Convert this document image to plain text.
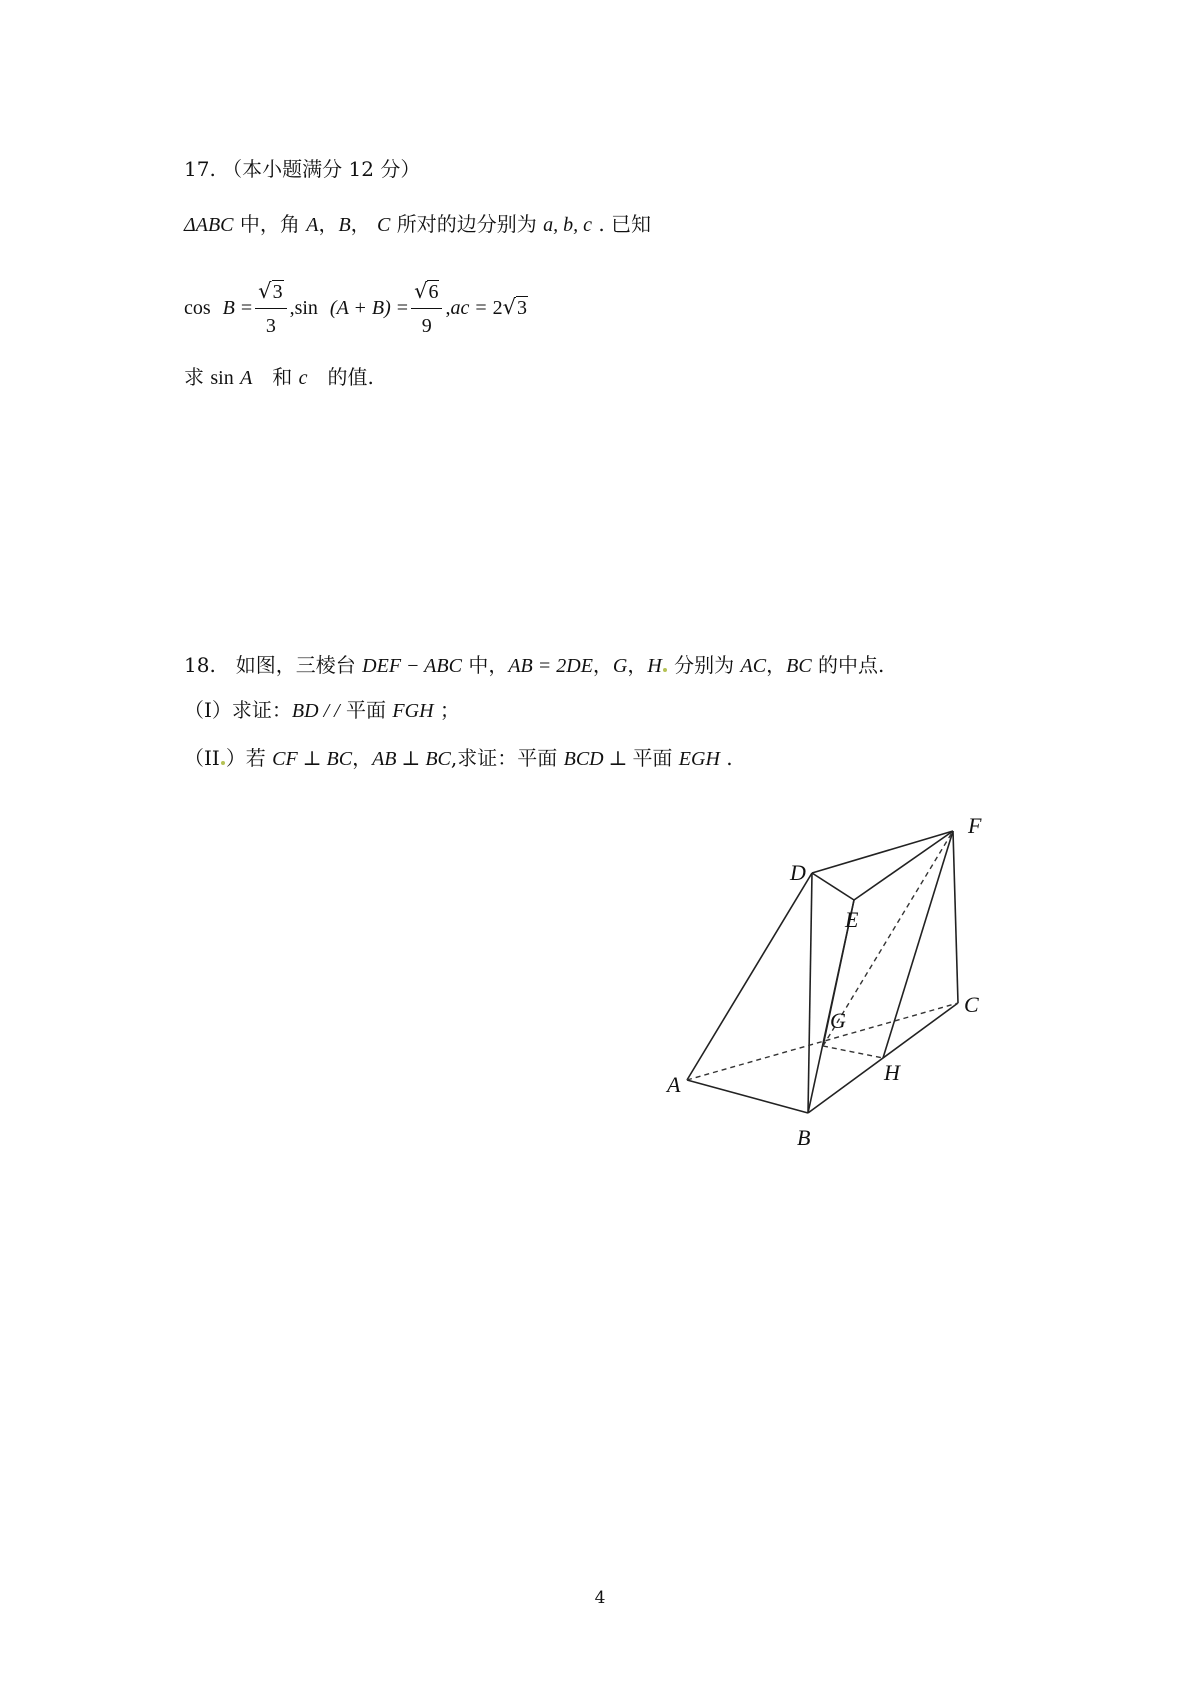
17. （本小题满分 12 分）
ΔABC 中，角 A，B， C 所对的边分别为 a, b, c . 已知
$\cos B = \frac{√3}{3} ,\sin$ $(A + B) = \frac{√6}{9} ,ac = 2√3$
求 sin A　和 c　的值.
18.　如图，三棱台 DEF − ABC 中，AB = 2DE，G，H 分别为 AC，BC 的中点.
（I）求证：BD / / 平面 FGH ；
（II ）若 CF ⊥ BC，AB ⊥ BC,求证：平面 BCD ⊥ 平面 EGH .
A
B
C
D
E
F
G
H
4
